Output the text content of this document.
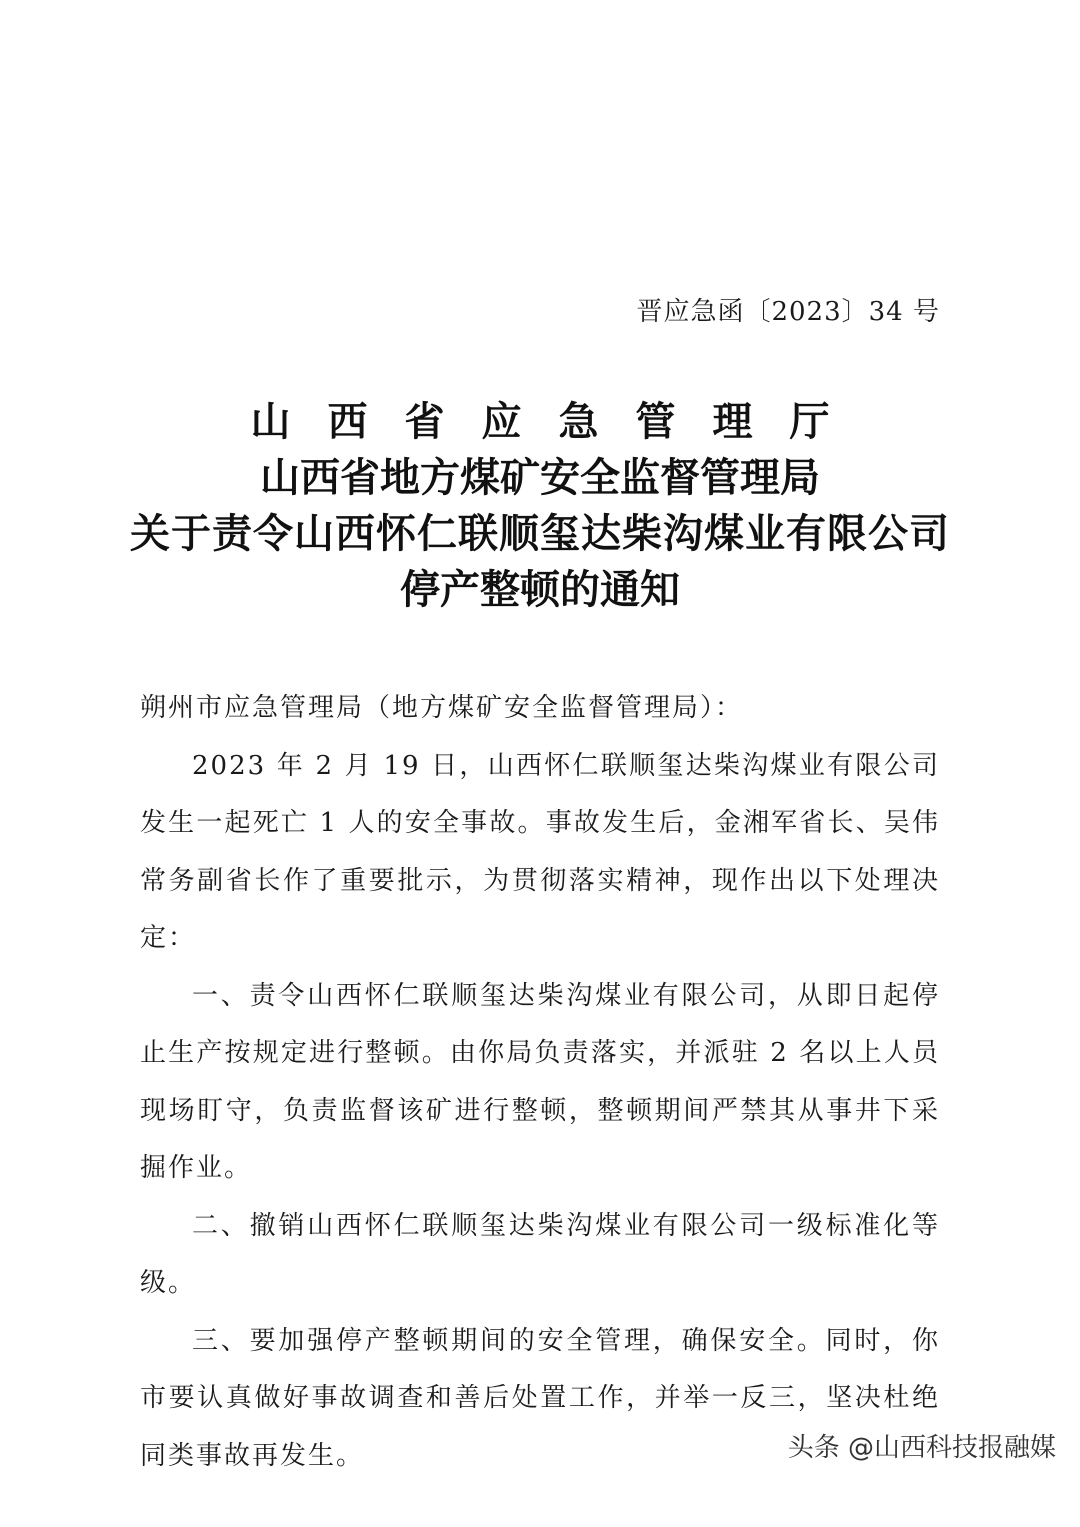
晋应急函〔2023〕34 号
山西省应急管理厅
山西省地方煤矿安全监督管理局
关于责令山西怀仁联顺玺达柴沟煤业有限公司
停产整顿的通知
朔州市应急管理局（地方煤矿安全监督管理局）：

2023 年 2 月 19 日，山西怀仁联顺玺达柴沟煤业有限公司发生一起死亡 1 人的安全事故。事故发生后，金湘军省长、吴伟常务副省长作了重要批示，为贯彻落实精神，现作出以下处理决定：

一、责令山西怀仁联顺玺达柴沟煤业有限公司，从即日起停止生产按规定进行整顿。由你局负责落实，并派驻 2 名以上人员现场盯守，负责监督该矿进行整顿，整顿期间严禁其从事井下采掘作业。

二、撤销山西怀仁联顺玺达柴沟煤业有限公司一级标准化等级。

三、要加强停产整顿期间的安全管理，确保安全。同时，你市要认真做好事故调查和善后处置工作，并举一反三，坚决杜绝同类事故再发生。	头条 @山西科技报融媒
